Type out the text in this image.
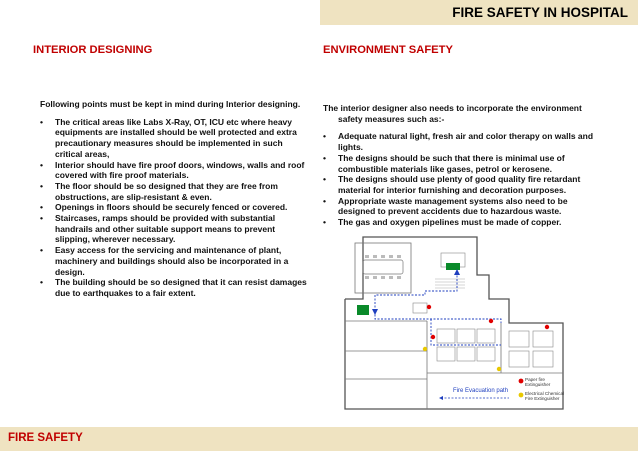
FIRE SAFETY IN HOSPITAL
INTERIOR DESIGNING	ENVIRONMENT SAFETY

Following points must be kept in mind during Interior designing.

• The critical areas like Labs X-Ray, OT, ICU etc where heavy equipments are installed should be well protected and extra precautionary measures should be implemented in such critical areas,
• Interior should have fire proof doors, windows, walls and roof covered with fire proof materials.
• The floor should be so designed that they are free from obstructions, are slip-resistant & even.
• Openings in floors should be securely fenced or covered.
• Staircases, ramps should be provided with substantial handrails and other suitable support means to prevent slipping, wherever necessary.
• Easy access for the servicing and maintenance of plant, machinery and buildings should also be incorporated in a design.
• The building should be so designed that it can resist damages due to earthquakes to a fair extent.

The interior designer also needs to incorporate the environment safety measures such as:-

• Adequate natural light, fresh air and color therapy on walls and lights.
• The designs should be such that there is minimal use of combustible materials like gases, petrol or kerosene.
• The designs should use plenty of good quality fire retardant material for interior furnishing and decoration purposes.
• Appropriate waste management systems also need to be designed to prevent accidents due to hazardous waste.
• The gas and oxygen pipelines must be made of copper.
Fire Evacuation path
Paper fire Extinguisher
Electrical Chemical Fire Extinguisher
FIRE SAFETY
